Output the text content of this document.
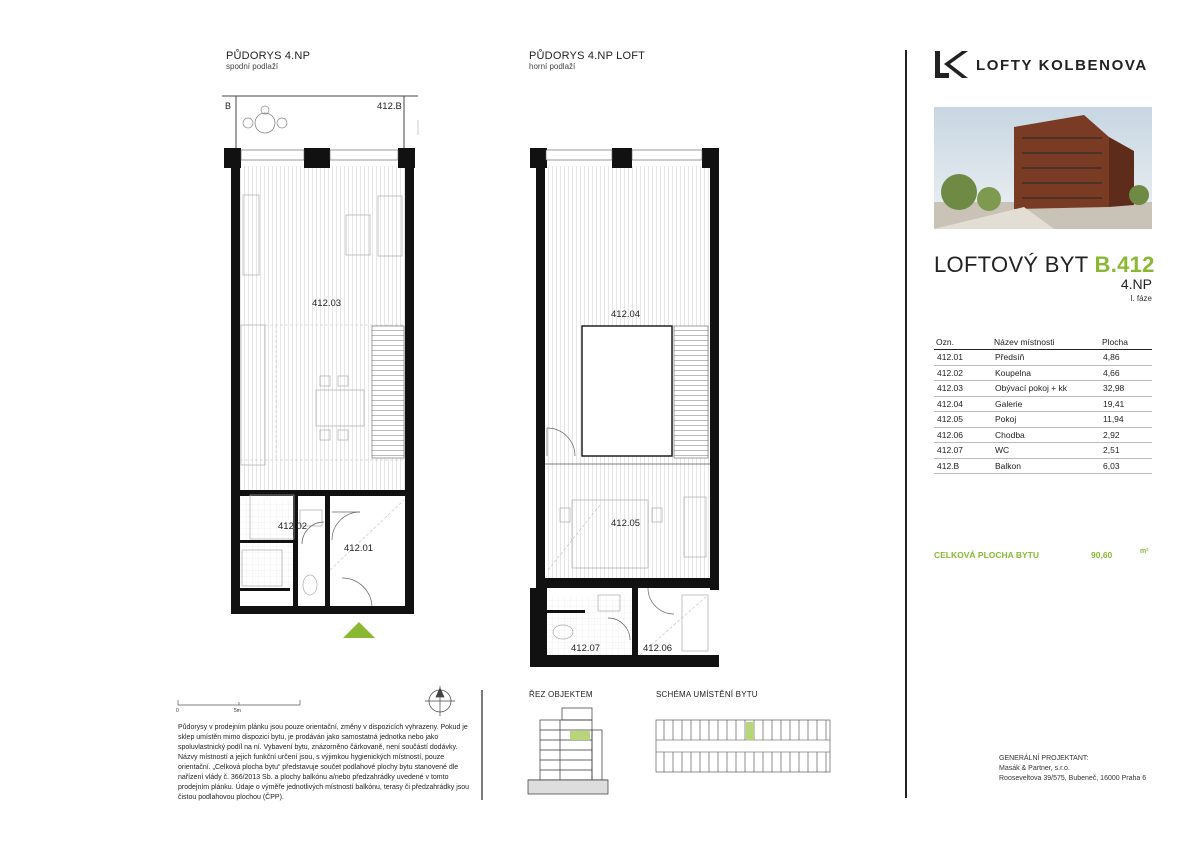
PŮDORYS 4.NP
spodní podlaží
PŮDORYS 4.NP LOFT
horní podlaží
B	412.B
412.03
412.02
412.01
412.04
412.05
412.07	412.06
0	5m
Půdorysy v prodejním plánku jsou pouze orientační, změny v dispozicích vyhrazeny. Pokud je sklep umístěn mimo dispozici bytu, je prodáván jako samostatná jednotka nebo jako spoluvlastnický podíl na ní. Vybavení bytu, znázorněno čárkovaně, není součástí dodávky. Názvy místností a jejich funkční určení jsou, s výjimkou hygienických místností, pouze orientační. „Celková plocha bytu“ představuje součet podlahové plochy bytu stanovené dle nařízení vlády č. 366/2013 Sb. a plochy balkónu a/nebo předzahrádky uvedené v tomto prodejním plánku. Údaje o výměře jednotlivých místností balkónu, terasy či předzahrádky jsou čistou podlahovou plochou (ČPP).
ŘEZ OBJEKTEM	SCHÉMA UMÍSTĚNÍ BYTU
LOFTY KOLBENOVA
LOFTOVÝ BYT B.412
4.NP
I. fáze
Ozn.	Název místnosti	Plocha
412.01	Předsíň	4,86
412.02	Koupelna	4,66
412.03	Obývací pokoj + kk	32,98
412.04	Galerie	19,41
412.05	Pokoj	11,94
412.06	Chodba	2,92
412.07	WC	2,51
412.B	Balkon	6,03
CELKOVÁ PLOCHA BYTU	90,60	m²
GENERÁLNÍ PROJEKTANT:
Masák & Partner, s.r.o.
Rooseveltova 39/575, Bubeneč, 16000 Praha 6
